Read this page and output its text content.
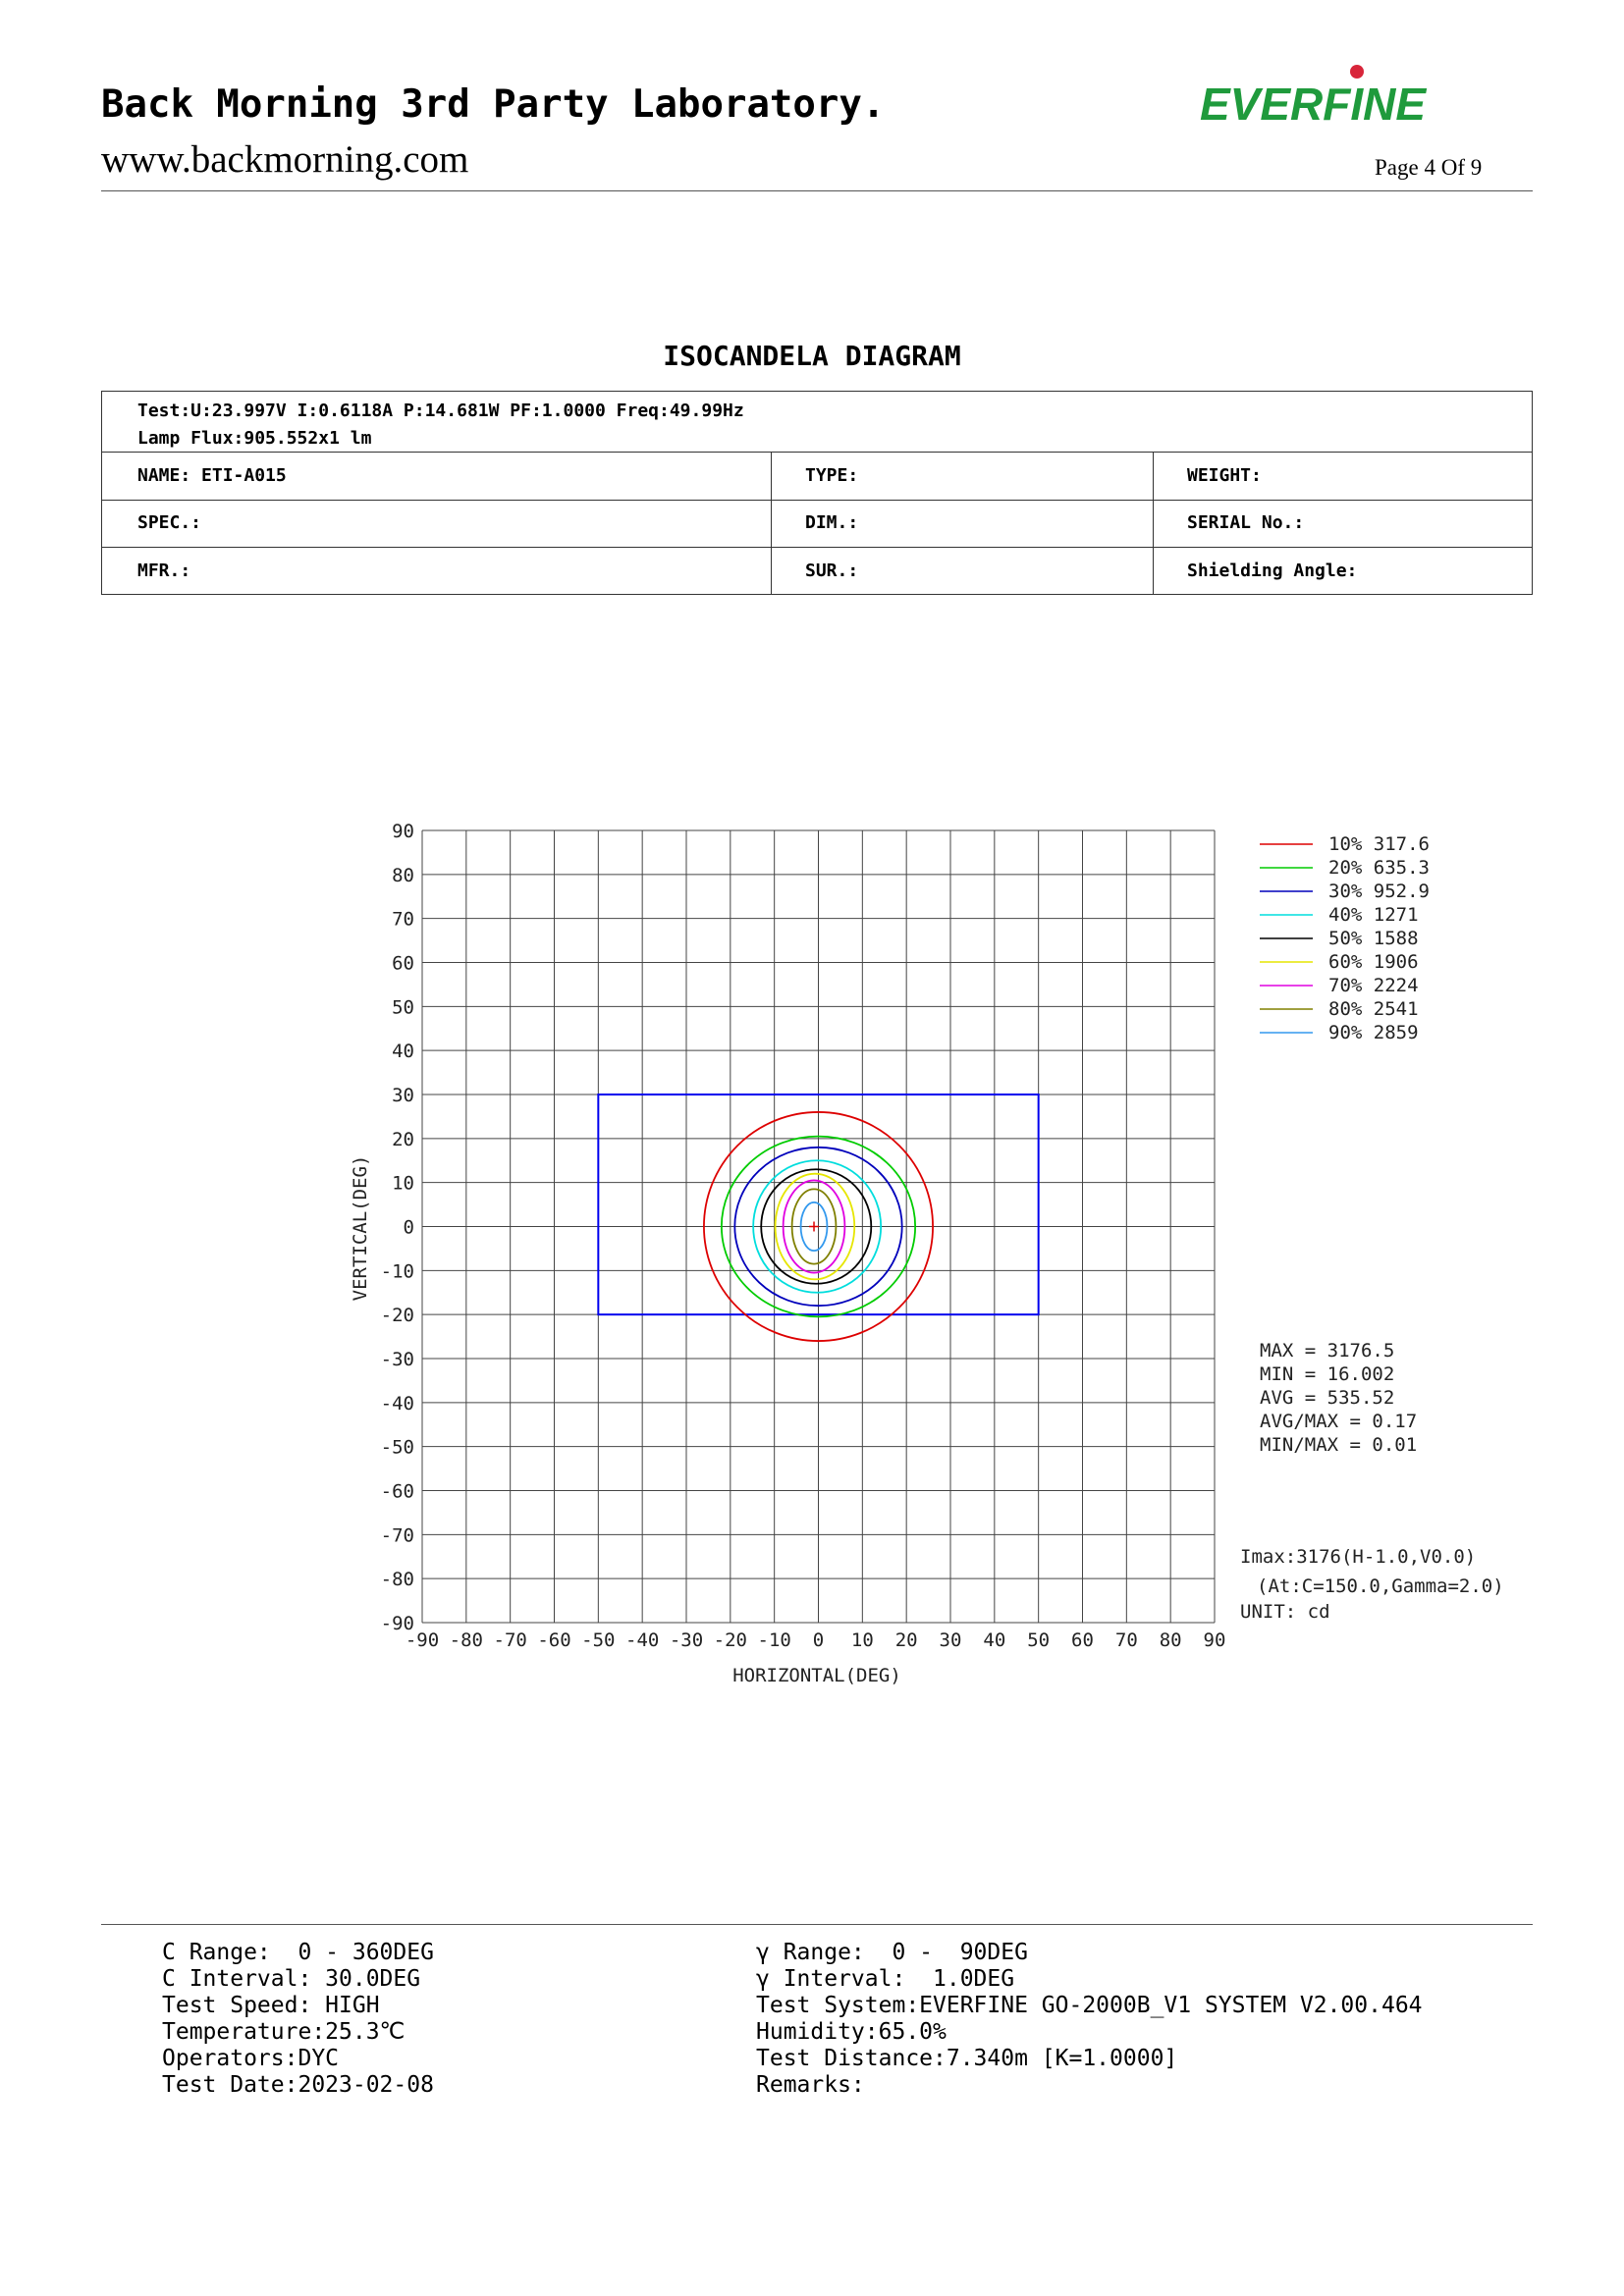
Back Morning 3rd Party Laboratory.
www.backmorning.com
EVERFINE
Page 4 Of 9
ISOCANDELA DIAGRAM
Test:U:23.997V I:0.6118A P:14.681W PF:1.0000 Freq:49.99Hz
Lamp Flux:905.552x1 lm
NAME: ETI-A015	TYPE:	WEIGHT:
SPEC.:	DIM.:	SERIAL No.:
MFR.:	SUR.:	Shielding Angle:
-90 -80 -70 -60 -50 -40 -30 -20 -10 0 10 20 30 40 50 60 70 80 90
90
80
70
60
50
40
30
20
10
0
-10
-20
-30
-40
-50
-60
-70
-80
-90
HORIZONTAL(DEG)
VERTICAL(DEG)
10% 317.6
20% 635.3
30% 952.9
40% 1271
50% 1588
60% 1906
70% 2224
80% 2541
90% 2859
MAX = 3176.5
MIN = 16.002
AVG = 535.52
AVG/MAX = 0.17
MIN/MAX = 0.01
Imax:3176(H-1.0,V0.0)
(At:C=150.0,Gamma=2.0)
UNIT: cd
C Range:  0 - 360DEG
C Interval: 30.0DEG
Test Speed: HIGH
Temperature:25.3℃
Operators:DYC
Test Date:2023-02-08
γ Range:  0 -  90DEG
γ Interval:  1.0DEG
Test System:EVERFINE GO-2000B_V1 SYSTEM V2.00.464
Humidity:65.0%
Test Distance:7.340m [K=1.0000]
Remarks:
